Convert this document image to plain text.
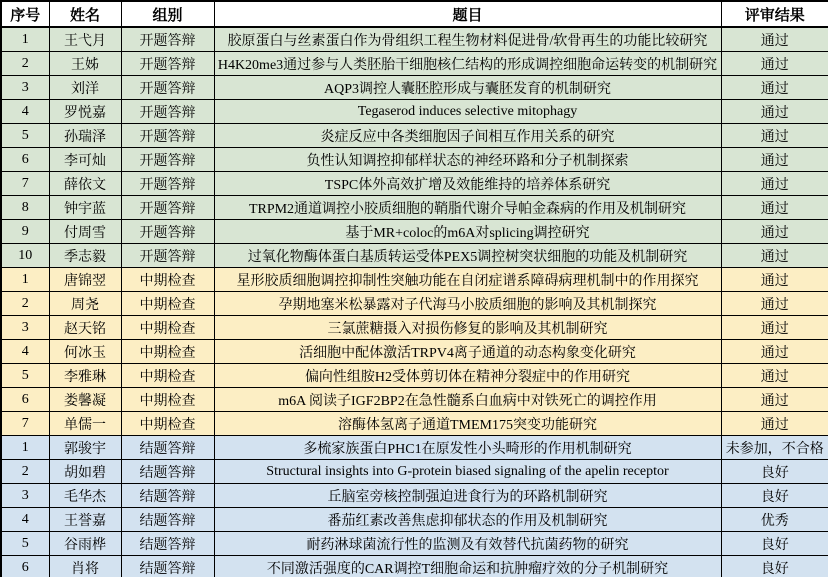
序号	姓名	组别	题目	评审结果
1	王弋月	开题答辩	胶原蛋白与丝素蛋白作为骨组织工程生物材料促进骨/软骨再生的功能比较研究	通过
2	王姊	开题答辩	H4K20me3通过参与人类胚胎干细胞核仁结构的形成调控细胞命运转变的机制研究	通过
3	刘洋	开题答辩	AQP3调控人囊胚腔形成与囊胚发育的机制研究	通过
4	罗悦嘉	开题答辩	Tegaserod induces selective mitophagy	通过
5	孙瑞泽	开题答辩	炎症反应中各类细胞因子间相互作用关系的研究	通过
6	李可灿	开题答辩	负性认知调控抑郁样状态的神经环路和分子机制探索	通过
7	薛依文	开题答辩	TSPC体外高效扩增及效能维持的培养体系研究	通过
8	钟宇蓝	开题答辩	TRPM2通道调控小胶质细胞的鞘脂代谢介导帕金森病的作用及机制研究	通过
9	付周雪	开题答辩	基于MR+coloc的m6A对splicing调控研究	通过
10	季志毅	开题答辩	过氧化物酶体蛋白基质转运受体PEX5调控树突状细胞的功能及机制研究	通过
1	唐锦翌	中期检查	星形胶质细胞调控抑制性突触功能在自闭症谱系障碍病理机制中的作用探究	通过
2	周尧	中期检查	孕期地塞米松暴露对子代海马小胶质细胞的影响及其机制探究	通过
3	赵天铭	中期检查	三氯蔗糖摄入对损伤修复的影响及其机制研究	通过
4	何冰玉	中期检查	活细胞中配体激活TRPV4离子通道的动态构象变化研究	通过
5	李雅琳	中期检查	偏向性组胺H2受体剪切体在精神分裂症中的作用研究	通过
6	娄馨凝	中期检查	m6A 阅读子IGF2BP2在急性髓系白血病中对铁死亡的调控作用	通过
7	单儒一	中期检查	溶酶体氢离子通道TMEM175突变功能研究	通过
1	郭骏宇	结题答辩	多梳家族蛋白PHC1在原发性小头畸形的作用机制研究	未参加，不合格
2	胡如碧	结题答辩	Structural insights into G-protein biased signaling of the apelin receptor	良好
3	毛华杰	结题答辩	丘脑室旁核控制强迫进食行为的环路机制研究	良好
4	王誉嘉	结题答辩	番茄红素改善焦虑抑郁状态的作用及机制研究	优秀
5	谷雨桦	结题答辩	耐药淋球菌流行性的监测及有效替代抗菌药物的研究	良好
6	肖将	结题答辩	不同激活强度的CAR调控T细胞命运和抗肿瘤疗效的分子机制研究	良好
